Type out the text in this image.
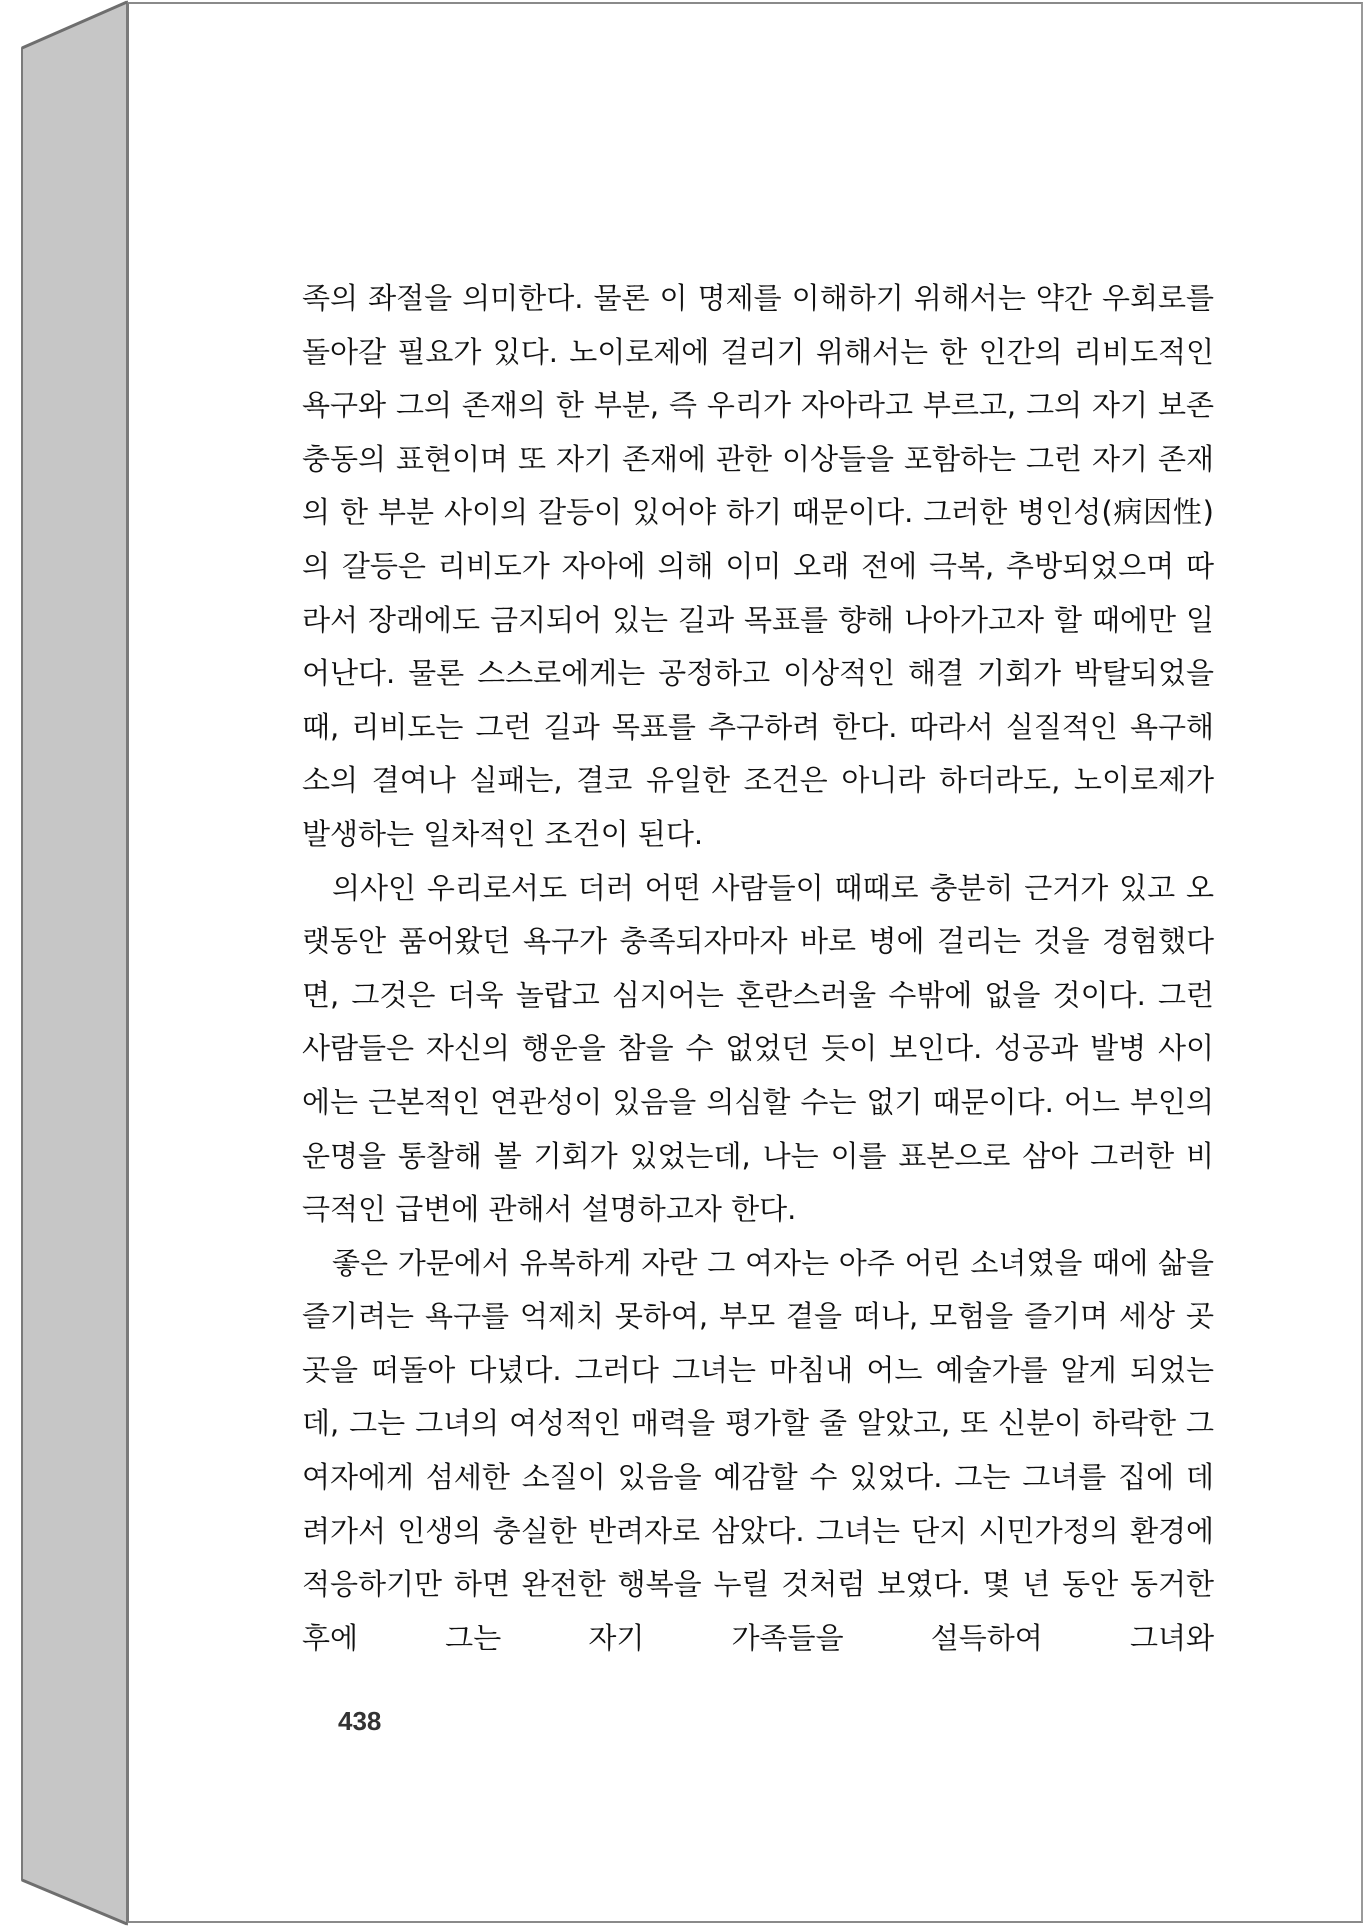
족의 좌절을 의미한다. 물론 이 명제를 이해하기 위해서는 약간 우회로를 돌아갈 필요가 있다. 노이로제에 걸리기 위해서는 한 인간의 리비도적인 욕구와 그의 존재의 한 부분, 즉 우리가 자아라고 부르고, 그의 자기 보존 충동의 표현이며 또 자기 존재에 관한 이상들을 포함하는 그런 자기 존재의 한 부분 사이의 갈등이 있어야 하기 때문이다. 그러한 병인성(病因性)의 갈등은 리비도가 자아에 의해 이미 오래 전에 극복, 추방되었으며 따라서 장래에도 금지되어 있는 길과 목표를 향해 나아가고자 할 때에만 일어난다. 물론 스스로에게는 공정하고 이상적인 해결 기회가 박탈되었을 때, 리비도는 그런 길과 목표를 추구하려 한다. 따라서 실질적인 욕구해소의 결여나 실패는, 결코 유일한 조건은 아니라 하더라도, 노이로제가 발생하는 일차적인 조건이 된다.

의사인 우리로서도 더러 어떤 사람들이 때때로 충분히 근거가 있고 오랫동안 품어왔던 욕구가 충족되자마자 바로 병에 걸리는 것을 경험했다면, 그것은 더욱 놀랍고 심지어는 혼란스러울 수밖에 없을 것이다. 그런 사람들은 자신의 행운을 참을 수 없었던 듯이 보인다. 성공과 발병 사이에는 근본적인 연관성이 있음을 의심할 수는 없기 때문이다. 어느 부인의 운명을 통찰해 볼 기회가 있었는데, 나는 이를 표본으로 삼아 그러한 비극적인 급변에 관해서 설명하고자 한다.

좋은 가문에서 유복하게 자란 그 여자는 아주 어린 소녀였을 때에 삶을 즐기려는 욕구를 억제치 못하여, 부모 곁을 떠나, 모험을 즐기며 세상 곳곳을 떠돌아 다녔다. 그러다 그녀는 마침내 어느 예술가를 알게 되었는데, 그는 그녀의 여성적인 매력을 평가할 줄 알았고, 또 신분이 하락한 그 여자에게 섬세한 소질이 있음을 예감할 수 있었다. 그는 그녀를 집에 데려가서 인생의 충실한 반려자로 삼았다. 그녀는 단지 시민가정의 환경에 적응하기만 하면 완전한 행복을 누릴 것처럼 보였다. 몇 년 동안 동거한 후에 그는 자기 가족들을 설득하여 그녀와

438
